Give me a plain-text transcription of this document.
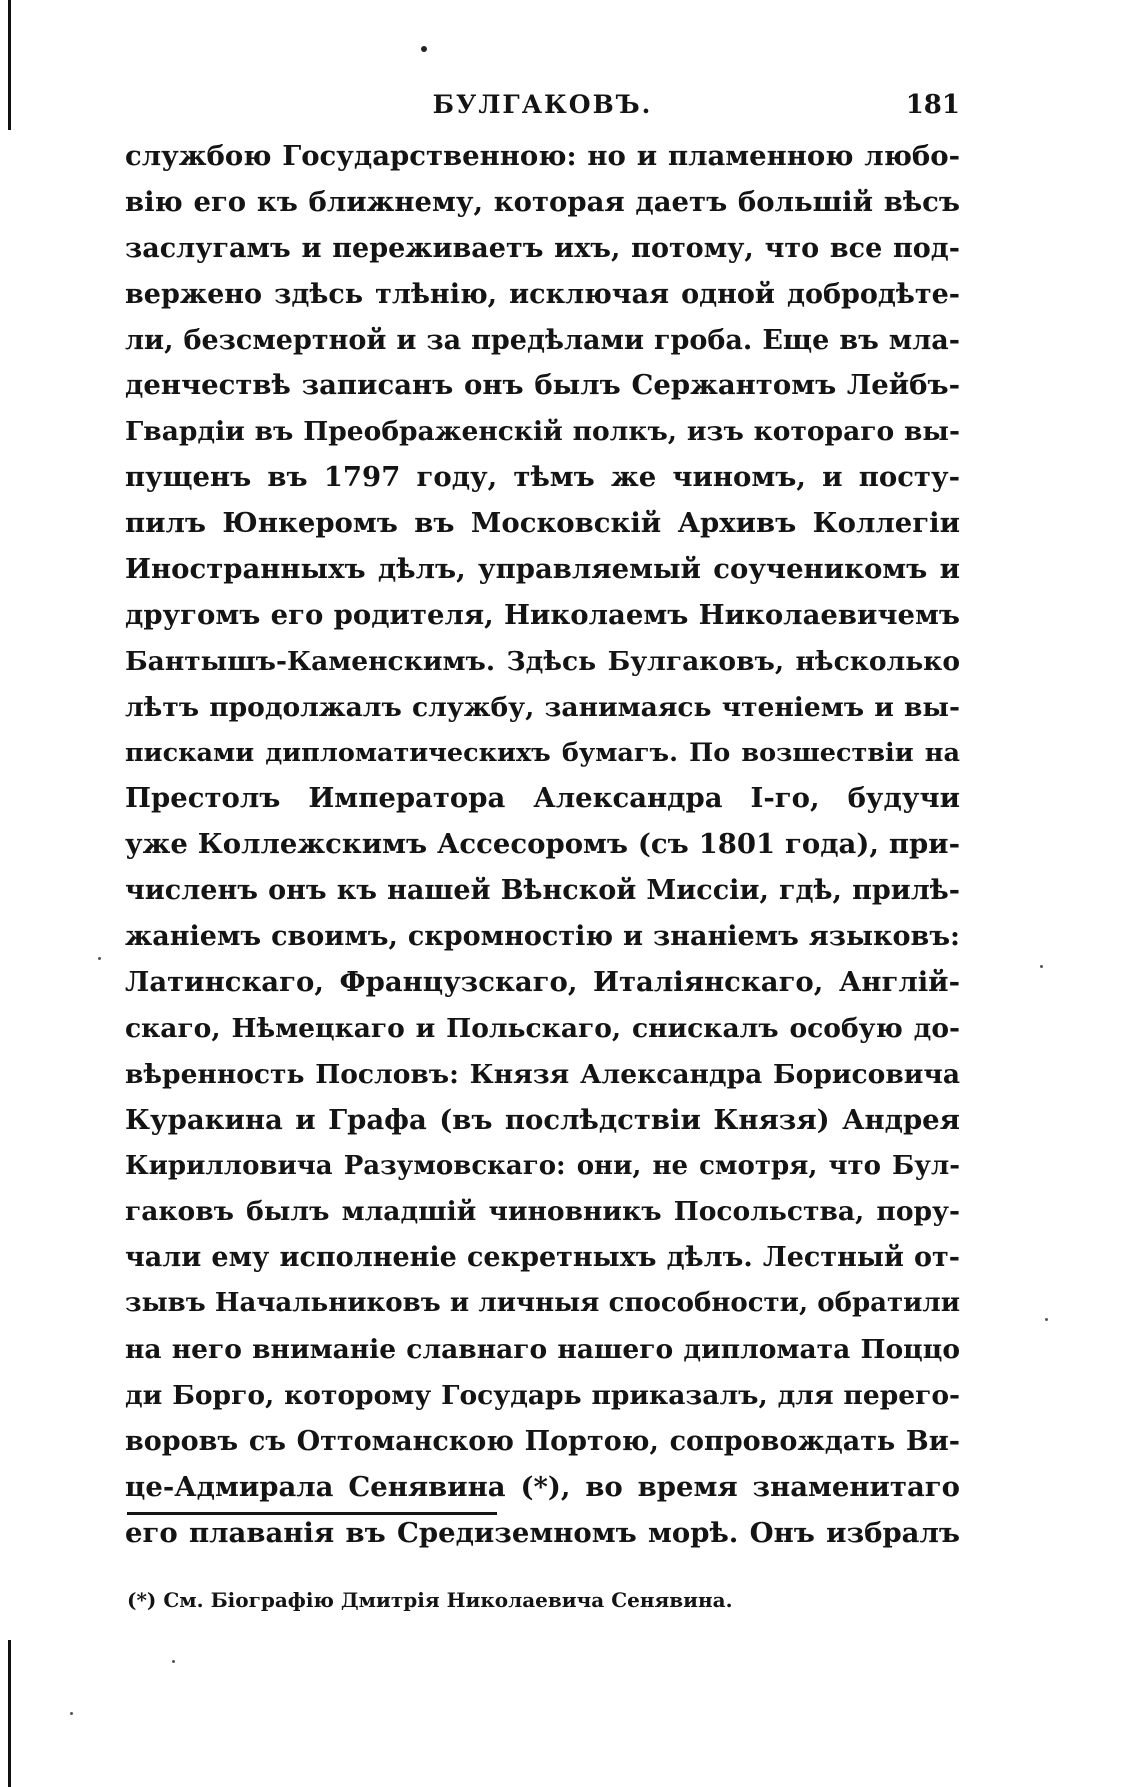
БУЛГАКОВЪ.	181
службою Государственною: но и пламенною любо-
вію его къ ближнему, которая даетъ большій вѣсъ
заслугамъ и переживаетъ ихъ, потому, что все под-
вержено здѣсь тлѣнію, исключая одной добродѣте-
ли, безсмертной и за предѣлами гроба. Еще въ мла-
денчествѣ записанъ онъ былъ Сержантомъ Лейбъ-
Гвардіи въ Преображенскій полкъ, изъ котораго вы-
пущенъ въ 1797 году, тѣмъ же чиномъ, и посту-
пилъ Юнкеромъ въ Московскій Архивъ Коллегіи
Иностранныхъ дѣлъ, управляемый соученикомъ и
другомъ его родителя, Николаемъ Николаевичемъ
Бантышъ-Каменскимъ. Здѣсь Булгаковъ, нѣсколько
лѣтъ продолжалъ службу, занимаясь чтеніемъ и вы-
писками дипломатическихъ бумагъ. По возшествіи на
Престолъ Императора Александра I-го, будучи
уже Коллежскимъ Ассесоромъ (съ 1801 года), при-
численъ онъ къ нашей Вѣнской Миссіи, гдѣ, прилѣ-
жаніемъ своимъ, скромностію и знаніемъ языковъ:
Латинскаго, Французскаго, Италіянскаго, Англій-
скаго, Нѣмецкаго и Польскаго, снискалъ особую до-
вѣренность Пословъ: Князя Александра Борисовича
Куракина и Графа (въ послѣдствіи Князя) Андрея
Кирилловича Разумовскаго: они, не смотря, что Бул-
гаковъ былъ младшій чиновникъ Посольства, пору-
чали ему исполненіе секретныхъ дѣлъ. Лестный от-
зывъ Начальниковъ и личныя способности, обратили
на него вниманіе славнаго нашего дипломата Поццо
ди Борго, которому Государь приказалъ, для перего-
воровъ съ Оттоманскою Портою, сопровождать Ви-
це-Адмирала Сенявина (*), во время знаменитаго
его плаванія въ Средиземномъ морѣ. Онъ избралъ
(*) См. Біографію Дмитрія Николаевича Сенявина.
